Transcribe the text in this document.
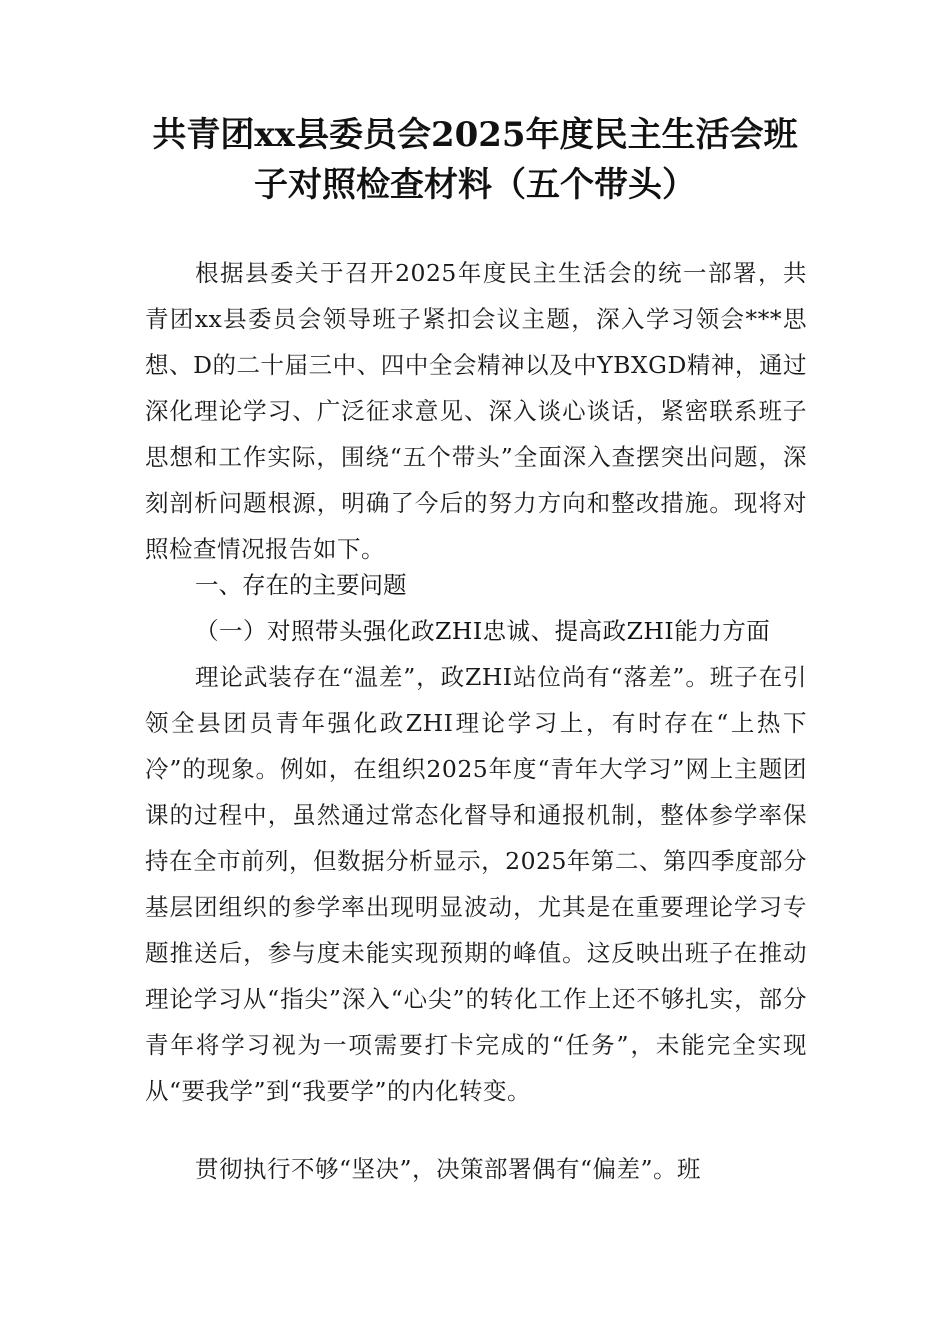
共青团xx县委员会2025年度民主生活会班
子对照检查材料（五个带头）

根据县委关于召开2025年度民主生活会的统一部署，共青团xx县委员会领导班子紧扣会议主题，深入学习领会***思想、D的二十届三中、四中全会精神以及中YBXGD精神，通过深化理论学习、广泛征求意见、深入谈心谈话，紧密联系班子思想和工作实际，围绕“五个带头”全面深入查摆突出问题，深刻剖析问题根源，明确了今后的努力方向和整改措施。现将对照检查情况报告如下。

一、存在的主要问题

（一）对照带头强化政ZHI忠诚、提高政ZHI能力方面

理论武装存在“温差”，政ZHI站位尚有“落差”。班子在引领全县团员青年强化政ZHI理论学习上，有时存在“上热下冷”的现象。例如，在组织2025年度“青年大学习”网上主题团课的过程中，虽然通过常态化督导和通报机制，整体参学率保持在全市前列，但数据分析显示，2025年第二、第四季度部分基层团组织的参学率出现明显波动，尤其是在重要理论学习专题推送后，参与度未能实现预期的峰值。这反映出班子在推动理论学习从“指尖”深入“心尖”的转化工作上还不够扎实，部分青年将学习视为一项需要打卡完成的“任务”，未能完全实现从“要我学”到“我要学”的内化转变。

贯彻执行不够“坚决”，决策部署偶有“偏差”。班
